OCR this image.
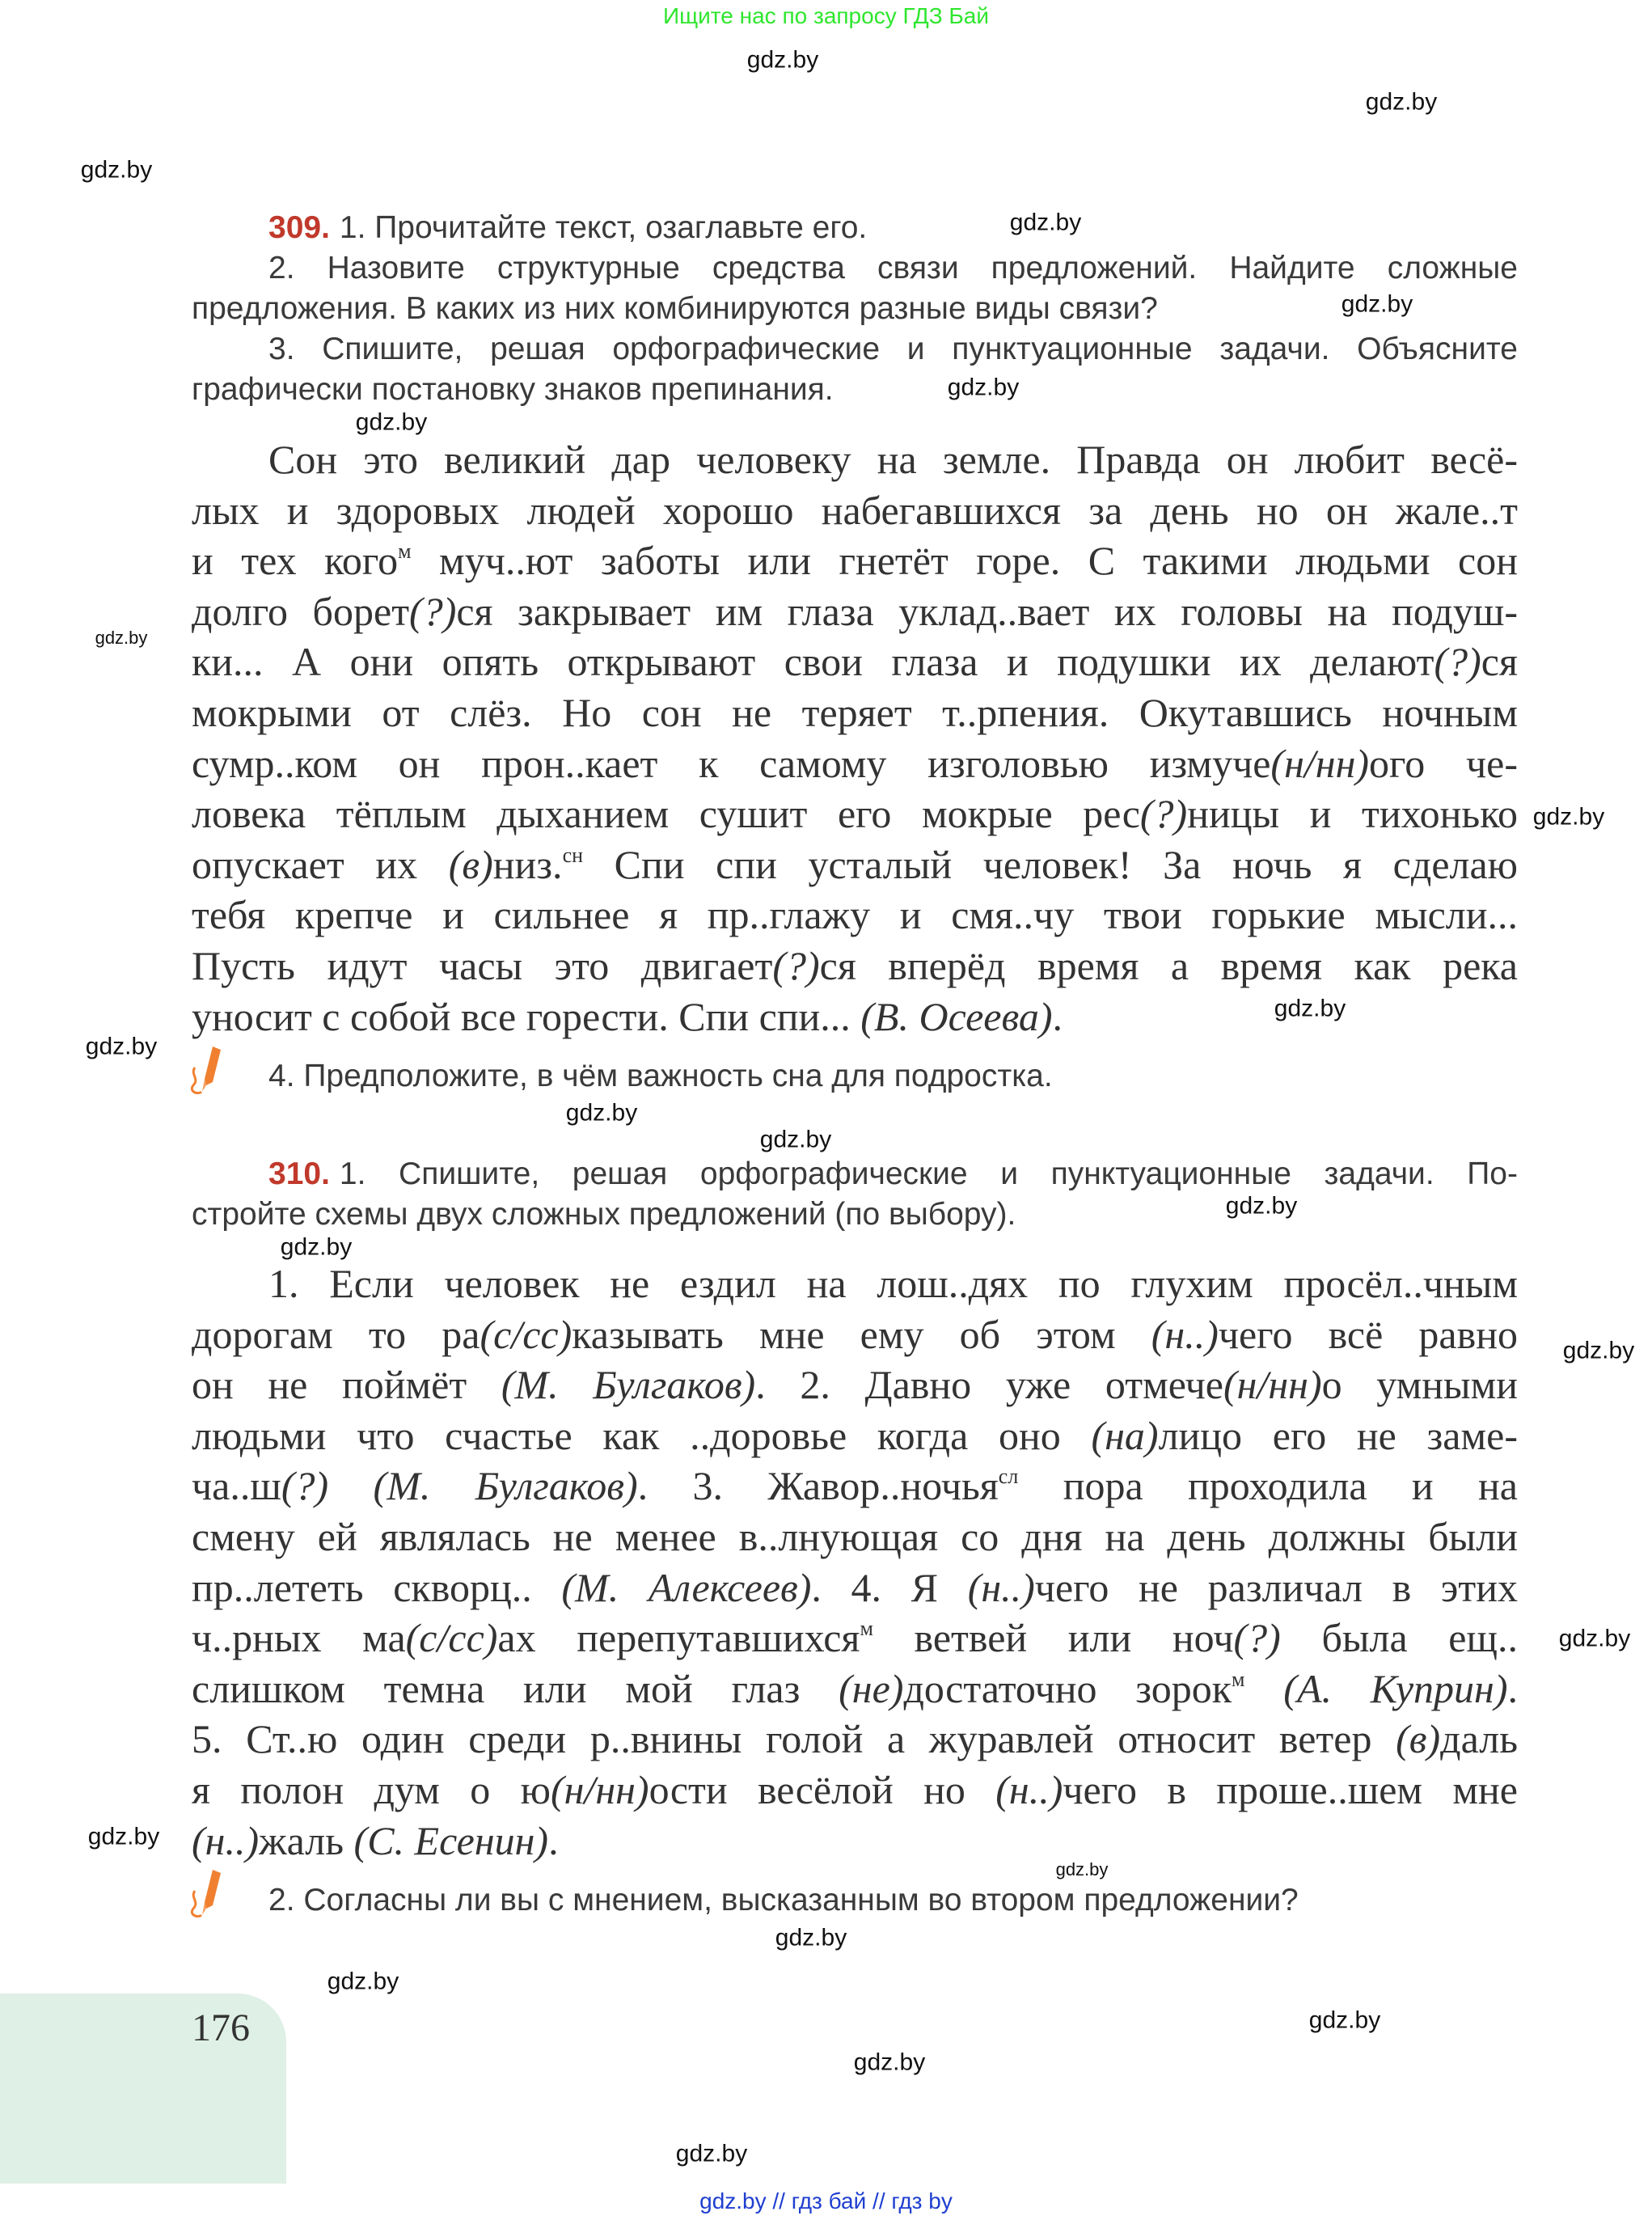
Ищите нас по запросу ГДЗ Бай
gdz.by
gdz.by
gdz.by
gdz.by
gdz.by
gdz.by
gdz.by
gdz.by
gdz.by
gdz.by
gdz.by
gdz.by
gdz.by
gdz.by
gdz.by
gdz.by
gdz.by
gdz.by
gdz.by
gdz.by
gdz.by
gdz.by
gdz.by
gdz.by
309. 1. Прочитайте текст, озаглавьте его.
2. Назовите структурные средства связи предложений. Найдите сложные
предложения. В каких из них комбинируются разные виды связи?
3. Спишите, решая орфографические и пунктуационные задачи. Объясните
графически постановку знаков препинания.
Сон это великий дар человеку на земле. Правда он любит весё-
лых и здоровых людей хорошо набегавшихся за день но он жале..т
и тех кого$^м$ муч..ют заботы или гнетёт горе. С такими людьми сон
долго борет(?)ся закрывает им глаза уклад..вает их головы на подуш-
ки... А они опять открывают свои глаза и подушки их делают(?)ся
мокрыми от слёз. Но сон не теряет т..рпения. Окутавшись ночным
сумр..ком он прон..кает к самому изголовью измуче(н/нн)ого че-
ловека тёплым дыханием сушит его мокрые рес(?)ницы и тихонько
опускает их (в)низ.$^{сн}$ Спи спи усталый человек! За ночь я сделаю
тебя крепче и сильнее я пр..глажу и смя..чу твои горькие мысли...
Пусть идут часы это двигает(?)ся вперёд время а время как река
уносит с собой все горести. Спи спи... (В. Осеева).
4. Предположите, в чём важность сна для подростка.
310. 1. Спишите, решая орфографические и пунктуационные задачи. По-
стройте схемы двух сложных предложений (по выбору).
1. Если человек не ездил на лош..дях по глухим просёл..чным
дорогам то ра(с/сс)казывать мне ему об этом (н..)чего всё равно
он не поймёт (М. Булгаков). 2. Давно уже отмече(н/нн)о умными
людьми что счастье как ..доровье когда оно (на)лицо его не заме-
ча..ш(?) (М. Булгаков). 3. Жавор..ночья$^{сл}$ пора проходила и на
смену ей являлась не менее в..лнующая со дня на день должны были
пр..лететь скворц.. (М. Алексеев). 4. Я (н..)чего не различал в этих
ч..рных ма(с/сс)ах перепутавшихся$^м$ ветвей или ноч(?) была ещ..
слишком темна или мой глаз (не)достаточно зорок$^м$ (А. Куприн).
5. Ст..ю один среди р..внины голой а журавлей относит ветер (в)даль
я полон дум о ю(н/нн)ости весёлой но (н..)чего в проше..шем мне
(н..)жаль (С. Есенин).
2. Согласны ли вы с мнением, высказанным во втором предложении?
176
gdz.by // гдз бай // гдз by
